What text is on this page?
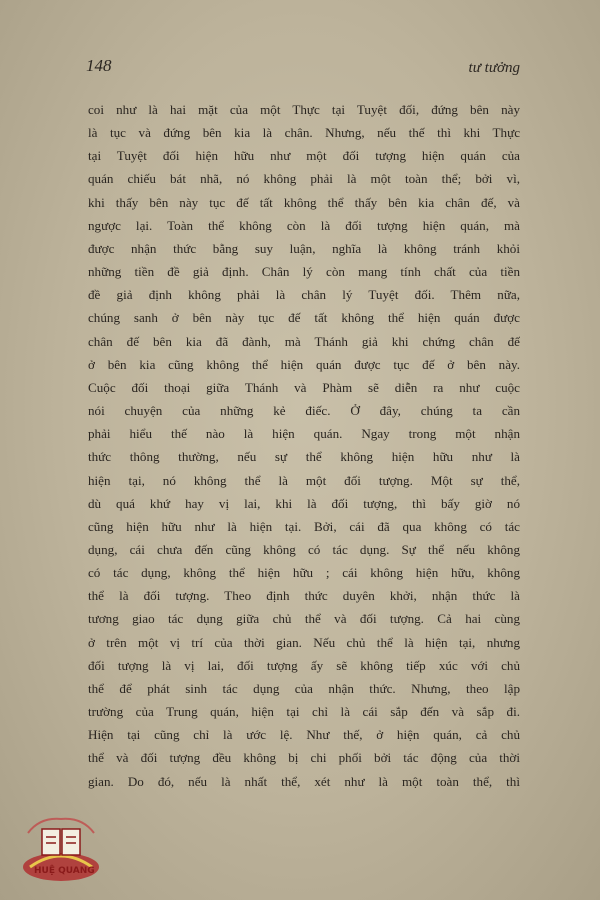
148	tư tưởng
coi như là hai mặt của một Thực tại Tuyệt đối, đứng bên này
là tục và đứng bên kia là chân. Nhưng, nếu thế thì khi Thực
tại Tuyệt đối hiện hữu như một đối tượng hiện quán của
quán chiếu bát nhã, nó không phải là một toàn thể; bởi vì,
khi thấy bên này tục đế tất không thể thấy bên kia chân đế, và
ngược lại. Toàn thể không còn là đối tượng hiện quán, mà
được nhận thức bằng suy luận, nghĩa là không tránh khỏi
những tiền đề giả định. Chân lý còn mang tính chất của tiền
đề giả định không phải là chân lý Tuyệt đối. Thêm nữa,
chúng sanh ở bên này tục đế tất không thể hiện quán được
chân đế bên kia đã đành, mà Thánh giả khi chứng chân đế
ở bên kia cũng không thể hiện quán được tục đế ở bên này.
Cuộc đối thoại giữa Thánh và Phàm sẽ diễn ra như cuộc
nói chuyện của những kẻ điếc. Ở đây, chúng ta cần
phải hiểu thế nào là hiện quán. Ngay trong một nhận
thức thông thường, nếu sự thể không hiện hữu như là
hiện tại, nó không thể là một đối tượng. Một sự thể,
dù quá khứ hay vị lai, khi là đối tượng, thì bấy giờ nó
cũng hiện hữu như là hiện tại. Bởi, cái đã qua không có tác
dụng, cái chưa đến cũng không có tác dụng. Sự thể nếu không
có tác dụng, không thể hiện hữu ; cái không hiện hữu, không
thể là đối tượng. Theo định thức duyên khởi, nhận thức là
tương giao tác dụng giữa chủ thể và đối tượng. Cả hai cùng
ở trên một vị trí của thời gian. Nếu chủ thể là hiện tại, nhưng
đối tượng là vị lai, đối tượng ấy sẽ không tiếp xúc với chủ
thể để phát sinh tác dụng của nhận thức. Nhưng, theo lập
trường của Trung quán, hiện tại chỉ là cái sắp đến và sắp đi.
Hiện tại cũng chỉ là ước lệ. Như thế, ở hiện quán, cả chủ
thể và đối tượng đều không bị chi phối bởi tác động của thời
gian. Do đó, nếu là nhất thể, xét như là một toàn thể, thì
HUỆ QUANG
